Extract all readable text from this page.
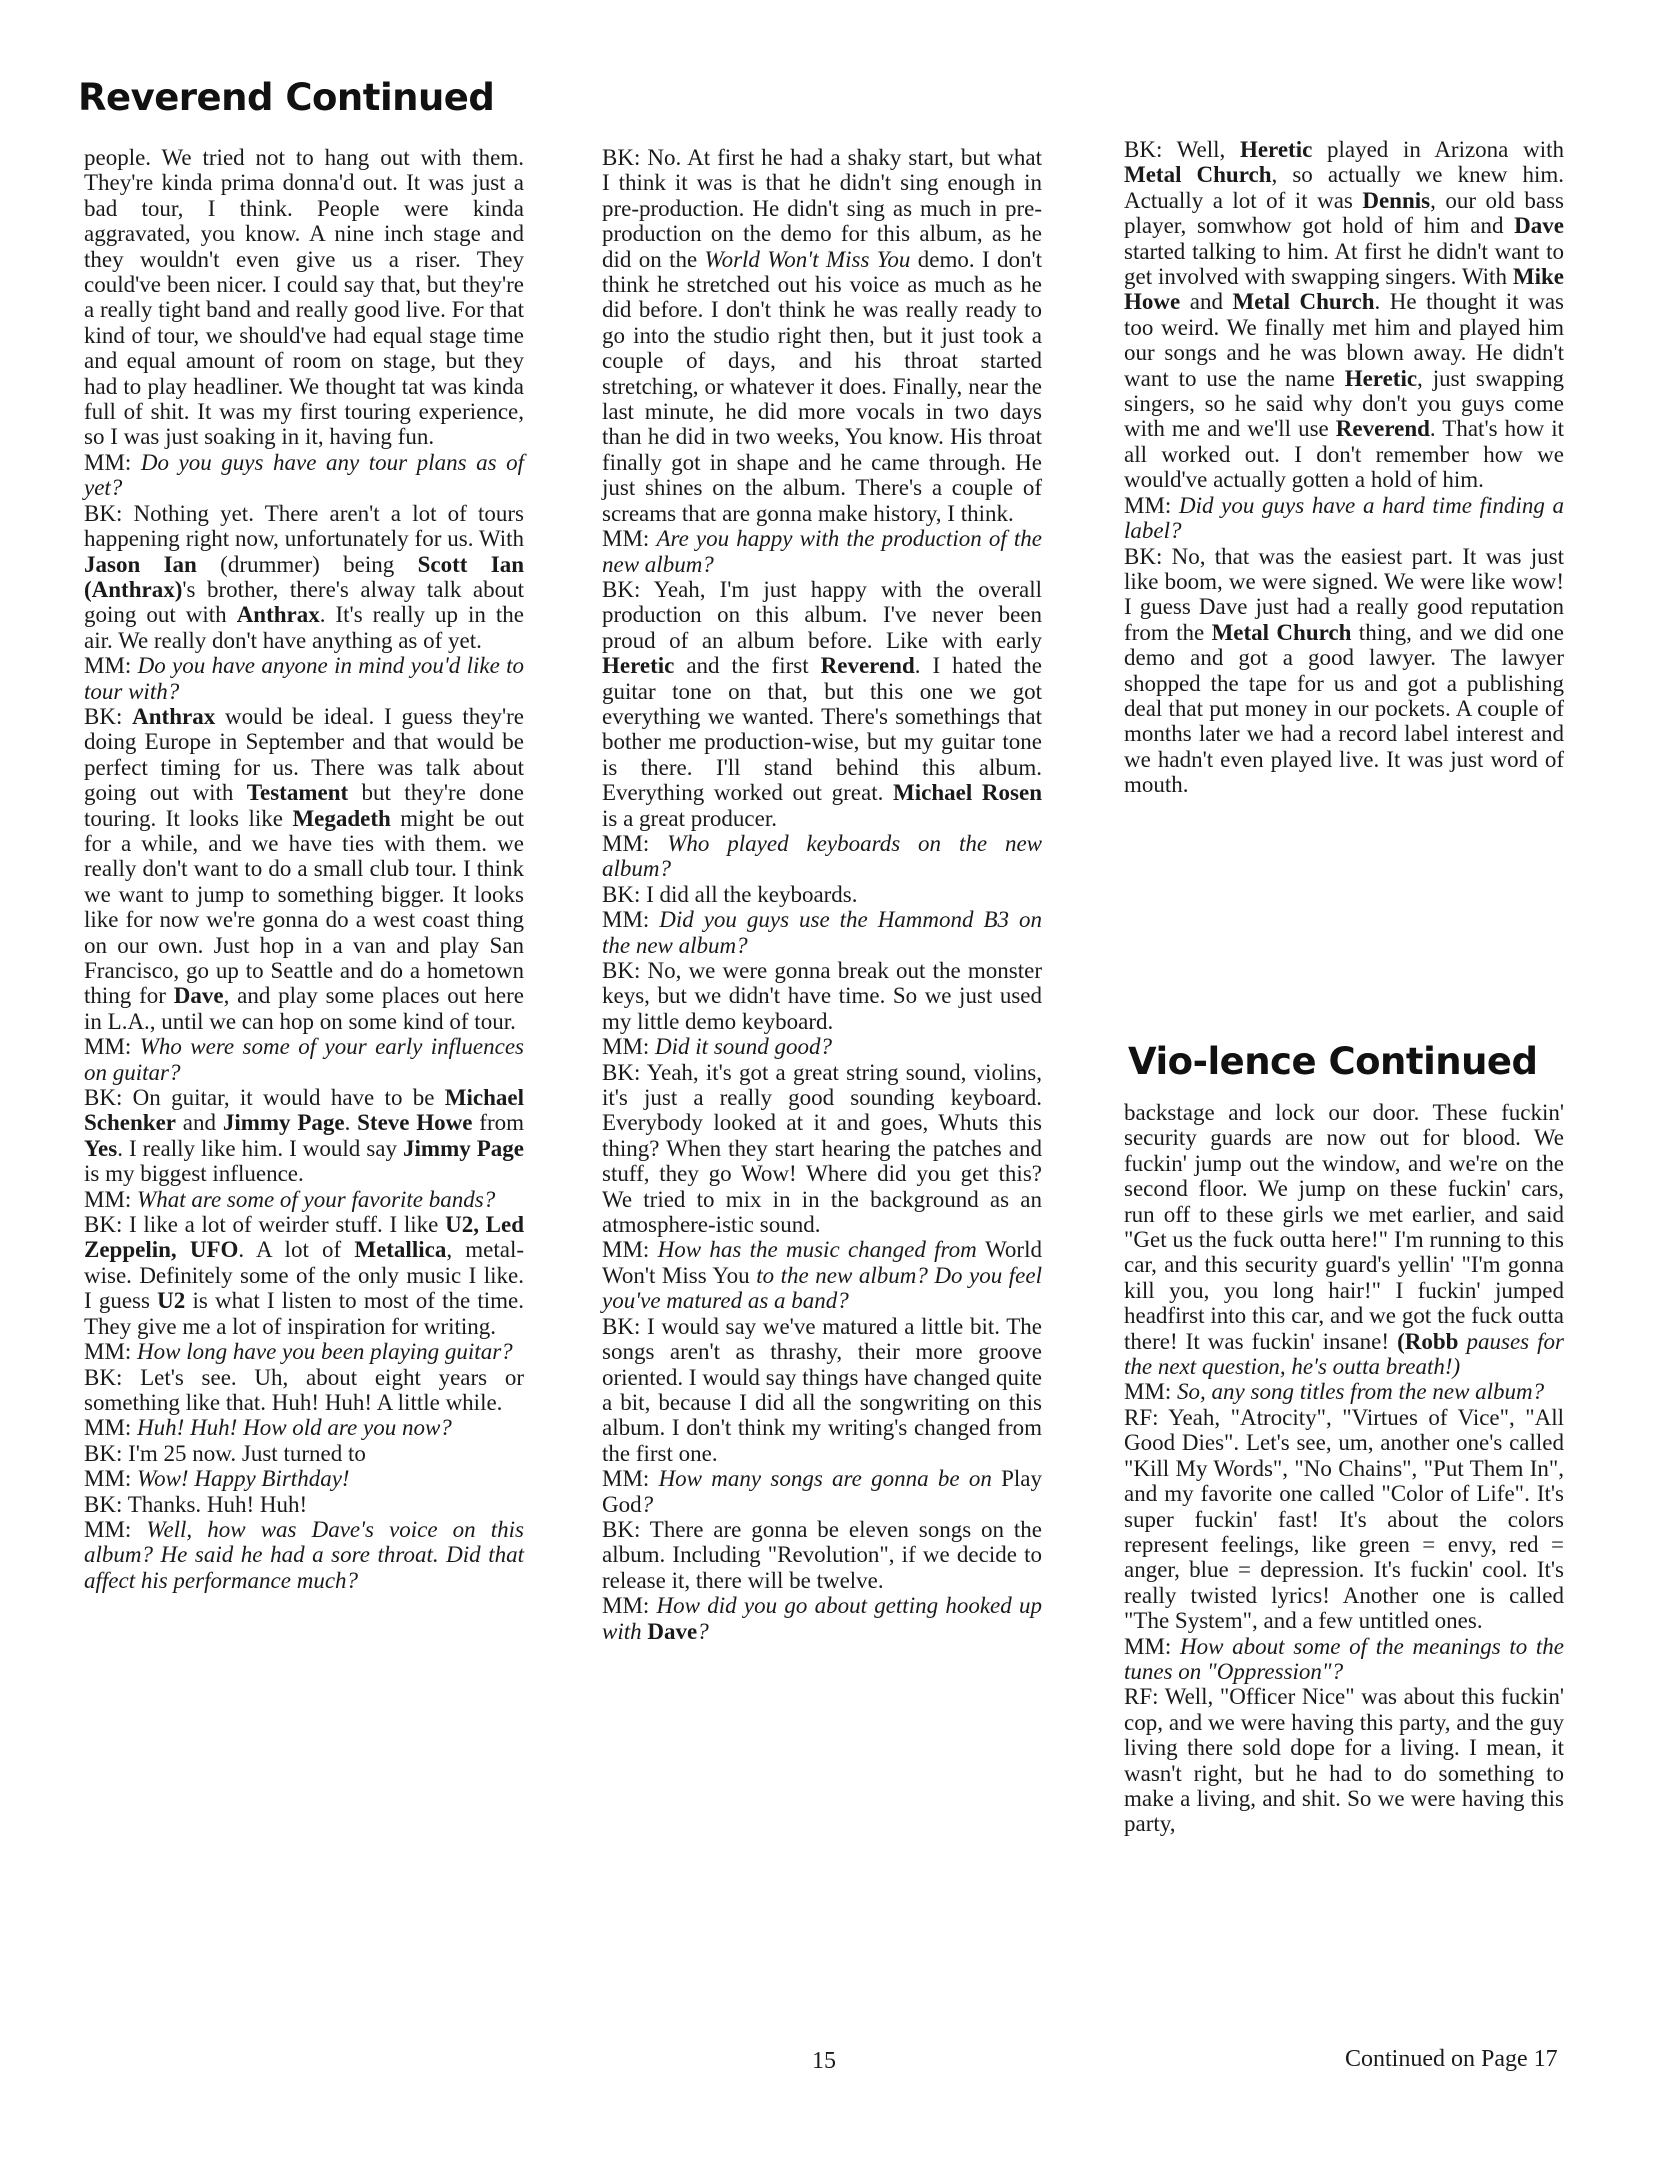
Reverend Continued
Vio-lence Continued

people. We tried not to hang out with them. They're kinda prima donna'd out. It was just a bad tour, I think. People were kinda aggravated, you know. A nine inch stage and they wouldn't even give us a riser. They could've been nicer. I could say that, but they're a really tight band and really good live. For that kind of tour, we should've had equal stage time and equal amount of room on stage, but they had to play headliner. We thought tat was kinda full of shit. It was my first touring experience, so I was just soaking in it, having fun.

MM: Do you guys have any tour plans as of yet?

BK: Nothing yet. There aren't a lot of tours happening right now, unfortunately for us. With Jason Ian (drummer) being Scott Ian (Anthrax)'s brother, there's alway talk about going out with Anthrax. It's really up in the air. We really don't have anything as of yet.

MM: Do you have anyone in mind you'd like to tour with?

BK: Anthrax would be ideal. I guess they're doing Europe in September and that would be perfect timing for us. There was talk about going out with Testament but they're done touring. It looks like Megadeth might be out for a while, and we have ties with them. we really don't want to do a small club tour. I think we want to jump to something bigger. It looks like for now we're gonna do a west coast thing on our own. Just hop in a van and play San Francisco, go up to Seattle and do a hometown thing for Dave, and play some places out here in L.A., until we can hop on some kind of tour.

MM: Who were some of your early influences on guitar?

BK: On guitar, it would have to be Michael Schenker and Jimmy Page. Steve Howe from Yes. I really like him. I would say Jimmy Page is my biggest influence.

MM: What are some of your favorite bands?

BK: I like a lot of weirder stuff. I like U2, Led Zeppelin, UFO. A lot of Metallica, metal-wise. Definitely some of the only music I like. I guess U2 is what I listen to most of the time. They give me a lot of inspiration for writing.

MM: How long have you been playing guitar?

BK: Let's see. Uh, about eight years or something like that. Huh! Huh! A little while.

MM: Huh! Huh! How old are you now?

BK: I'm 25 now. Just turned to

MM: Wow! Happy Birthday!

BK: Thanks. Huh! Huh!

MM: Well, how was Dave's voice on this album? He said he had a sore throat. Did that affect his performance much?

BK: No. At first he had a shaky start, but what I think it was is that he didn't sing enough in pre-production. He didn't sing as much in pre-production on the demo for this album, as he did on the World Won't Miss You demo. I don't think he stretched out his voice as much as he did before. I don't think he was really ready to go into the studio right then, but it just took a couple of days, and his throat started stretching, or whatever it does. Finally, near the last minute, he did more vocals in two days than he did in two weeks, You know. His throat finally got in shape and he came through. He just shines on the album. There's a couple of screams that are gonna make history, I think.

MM: Are you happy with the production of the new album?

BK: Yeah, I'm just happy with the overall production on this album. I've never been proud of an album before. Like with early Heretic and the first Reverend. I hated the guitar tone on that, but this one we got everything we wanted. There's somethings that bother me production-wise, but my guitar tone is there. I'll stand behind this album. Everything worked out great. Michael Rosen is a great producer.

MM: Who played keyboards on the new album?

BK: I did all the keyboards.

MM: Did you guys use the Hammond B3 on the new album?

BK: No, we were gonna break out the monster keys, but we didn't have time. So we just used my little demo keyboard.

MM: Did it sound good?

BK: Yeah, it's got a great string sound, violins, it's just a really good sounding keyboard. Everybody looked at it and goes, Whuts this thing? When they start hearing the patches and stuff, they go Wow! Where did you get this? We tried to mix in in the background as an atmosphere-istic sound.

MM: How has the music changed from World Won't Miss You to the new album? Do you feel you've matured as a band?

BK: I would say we've matured a little bit. The songs aren't as thrashy, their more groove oriented. I would say things have changed quite a bit, because I did all the songwriting on this album. I don't think my writing's changed from the first one.

MM: How many songs are gonna be on Play God?

BK: There are gonna be eleven songs on the album. Including "Revolution", if we decide to release it, there will be twelve.

MM: How did you go about getting hooked up with Dave?

BK: Well, Heretic played in Arizona with Metal Church, so actually we knew him. Actually a lot of it was Dennis, our old bass player, somwhow got hold of him and Dave started talking to him. At first he didn't want to get involved with swapping singers. With Mike Howe and Metal Church. He thought it was too weird. We finally met him and played him our songs and he was blown away. He didn't want to use the name Heretic, just swapping singers, so he said why don't you guys come with me and we'll use Reverend. That's how it all worked out. I don't remember how we would've actually gotten a hold of him.

MM: Did you guys have a hard time finding a label?

BK: No, that was the easiest part. It was just like boom, we were signed. We were like wow! I guess Dave just had a really good reputation from the Metal Church thing, and we did one demo and got a good lawyer. The lawyer shopped the tape for us and got a publishing deal that put money in our pockets. A couple of months later we had a record label interest and we hadn't even played live. It was just word of mouth.

backstage and lock our door. These fuckin' security guards are now out for blood. We fuckin' jump out the window, and we're on the second floor. We jump on these fuckin' cars, run off to these girls we met earlier, and said "Get us the fuck outta here!" I'm running to this car, and this security guard's yellin' "I'm gonna kill you, you long hair!" I fuckin' jumped headfirst into this car, and we got the fuck outta there! It was fuckin' insane! (Robb pauses for the next question, he's outta breath!)

MM: So, any song titles from the new album?

RF: Yeah, "Atrocity", "Virtues of Vice", "All Good Dies". Let's see, um, another one's called "Kill My Words", "No Chains", "Put Them In", and my favorite one called "Color of Life". It's super fuckin' fast! It's about the colors represent feelings, like green = envy, red = anger, blue = depression. It's fuckin' cool. It's really twisted lyrics! Another one is called "The System", and a few untitled ones.

MM: How about some of the meanings to the tunes on "Oppression"?

RF: Well, "Officer Nice" was about this fuckin' cop, and we were having this party, and the guy living there sold dope for a living. I mean, it wasn't right, but he had to do something to make a living, and shit. So we were having this party,

15	Continued on Page 17
